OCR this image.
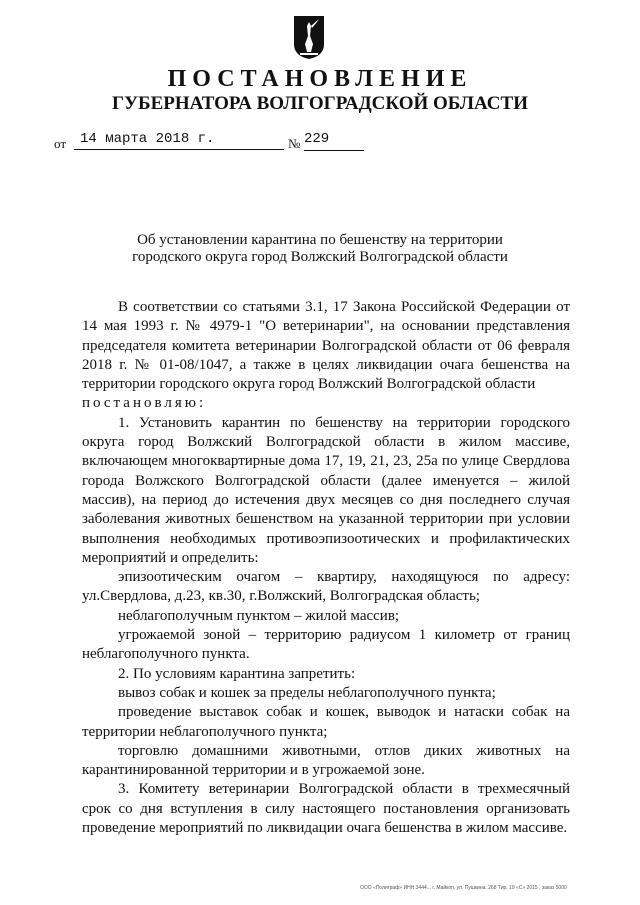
ПОСТАНОВЛЕНИЕ
ГУБЕРНАТОРА ВОЛГОГРАДСКОЙ ОБЛАСТИ
от 14 марта 2018 г.	№ 229
Об установлении карантина по бешенству на территории
городского округа город Волжский Волгоградской области

В соответствии со статьями 3.1, 17 Закона Российской Федерации от 14 мая 1993 г. № 4979-1 "О ветеринарии", на основании представления председателя комитета ветеринарии Волгоградской области от 06 февраля 2018 г. № 01-08/1047, а также в целях ликвидации очага бешенства на территории городского округа город Волжский Волгоградской области

постановляю:

1. Установить карантин по бешенству на территории городского округа город Волжский Волгоградской области в жилом массиве, включающем многоквартирные дома 17, 19, 21, 23, 25а по улице Свердлова города Волжского Волгоградской области (далее именуется – жилой массив), на период до истечения двух месяцев со дня последнего случая заболевания животных бешенством на указанной территории при условии выполнения необходимых противоэпизоотических и профилактических мероприятий и определить:

эпизоотическим очагом – квартиру, находящуюся по адресу: ул.Свердлова, д.23, кв.30, г.Волжский, Волгоградская область;

неблагополучным пунктом – жилой массив;

угрожаемой зоной – территорию радиусом 1 километр от границ неблагополучного пункта.

2. По условиям карантина запретить:

вывоз собак и кошек за пределы неблагополучного пункта;

проведение выставок собак и кошек, выводок и натаски собак на территории неблагополучного пункта;

торговлю домашними животными, отлов диких животных на карантинированной территории и в угрожаемой зоне.

3. Комитету ветеринарии Волгоградской области в трехмесячный срок со дня вступления в силу настоящего постановления организовать проведение мероприятий по ликвидации очага бешенства в жилом массиве.

ООО «Полиграф» ИНН 3444... г. Майкоп, ул. Пушкина, 268 Тир. 19 «С» 2015 , заказ 5000
